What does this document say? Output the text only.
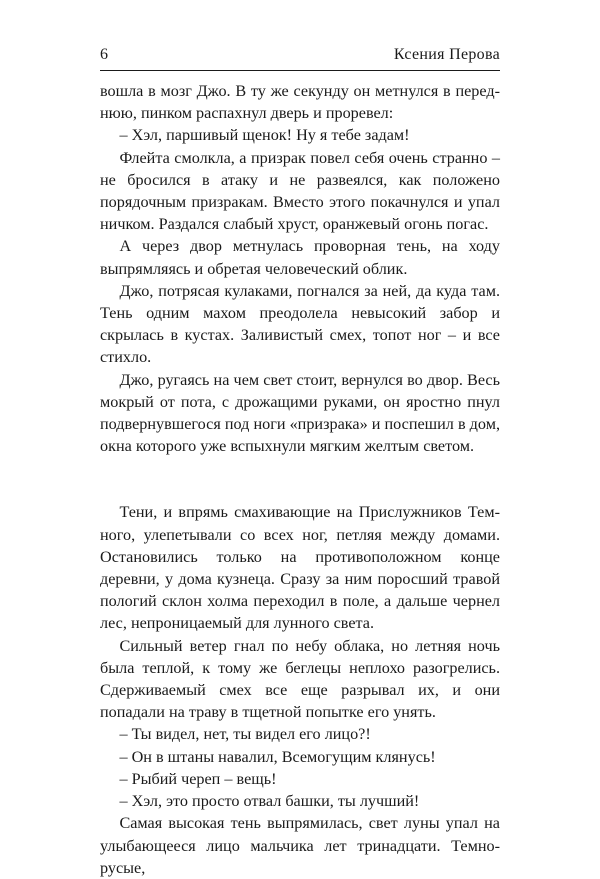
6	Ксения Перова

вошла в мозг Джо. В ту же секунду он метнулся в переднюю, пинком распахнул дверь и проревел:

– Хэл, паршивый щенок! Ну я тебе задам!

Флейта смолкла, а призрак повел себя очень странно – не бросился в атаку и не развеялся, как положено порядочным призракам. Вместо этого покачнулся и упал ничком. Раздался слабый хруст, оранжевый огонь погас.

А через двор метнулась проворная тень, на ходу выпрямляясь и обретая человеческий облик.

Джо, потрясая кулаками, погнался за ней, да куда там. Тень одним махом преодолела невысокий забор и скрылась в кустах. Заливистый смех, топот ног – и все стихло.

Джо, ругаясь на чем свет стоит, вернулся во двор. Весь мокрый от пота, с дрожащими руками, он яростно пнул подвернувшегося под ноги «призрака» и поспешил в дом, окна которого уже вспыхнули мягким желтым светом.

Тени, и впрямь смахивающие на Прислужников Темного, улепетывали со всех ног, петляя между домами. Остановились только на противоположном конце деревни, у дома кузнеца. Сразу за ним поросший травой пологий склон холма переходил в поле, а дальше чернел лес, непроницаемый для лунного света.

Сильный ветер гнал по небу облака, но летняя ночь была теплой, к тому же беглецы неплохо разогрелись. Сдерживаемый смех все еще разрывал их, и они попадали на траву в тщетной попытке его унять.

– Ты видел, нет, ты видел его лицо?!

– Он в штаны навалил, Всемогущим клянусь!

– Рыбий череп – вещь!

– Хэл, это просто отвал башки, ты лучший!

Самая высокая тень выпрямилась, свет луны упал на улыбающееся лицо мальчика лет тринадцати. Темно-русые,
